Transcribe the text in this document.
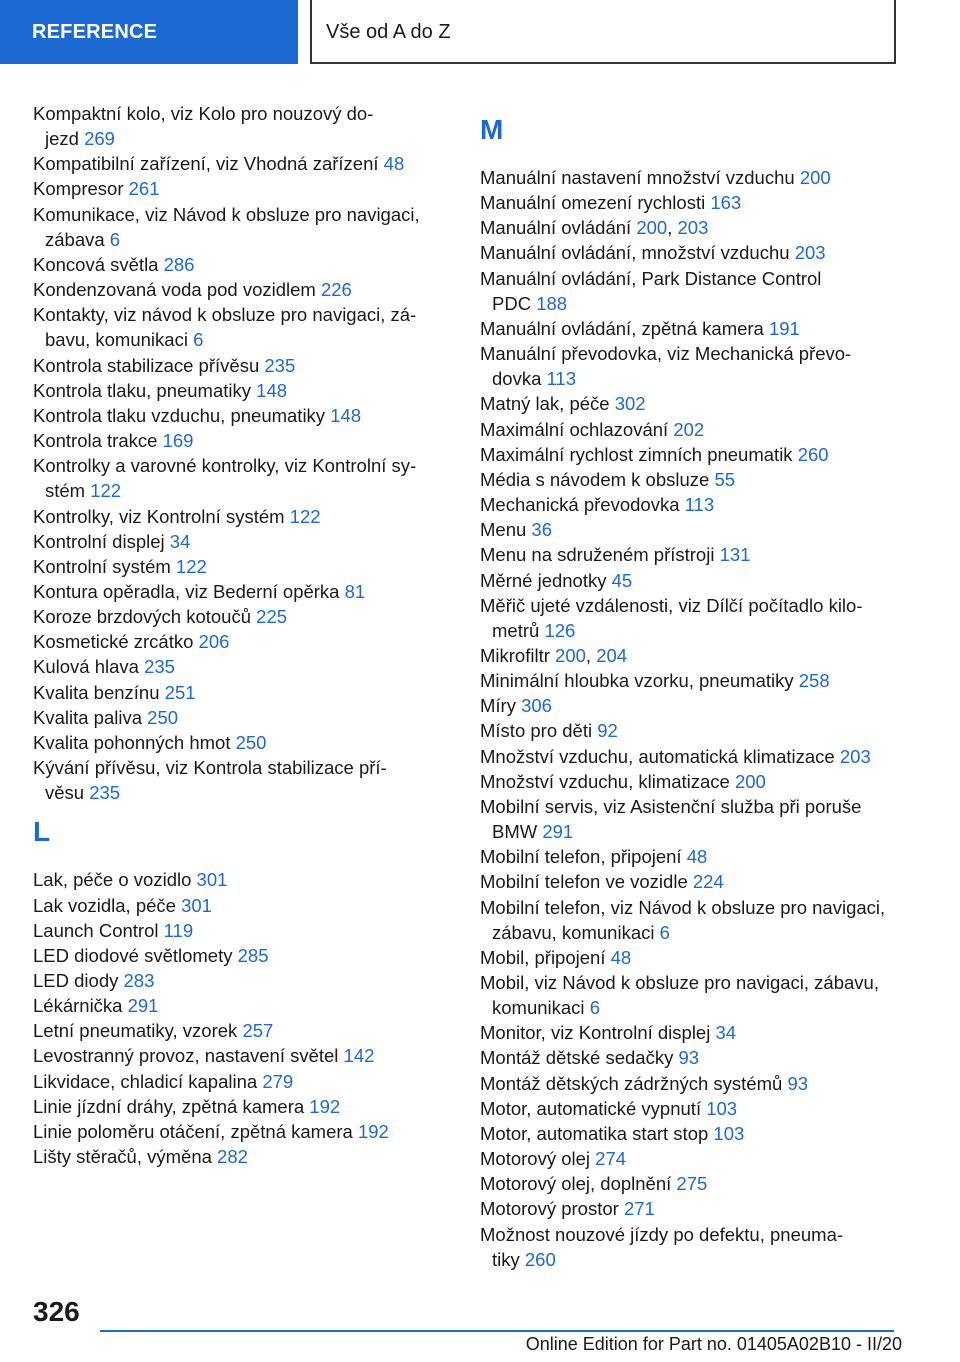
REFERENCE	Vše od A do Z
Kompaktní kolo, viz Kolo pro nouzový do-
jezd 269
Kompatibilní zařízení, viz Vhodná zařízení 48
Kompresor 261
Komunikace, viz Návod k obsluze pro navigaci,
zábava 6
Koncová světla 286
Kondenzovaná voda pod vozidlem 226
Kontakty, viz návod k obsluze pro navigaci, zá-
bavu, komunikaci 6
Kontrola stabilizace přívěsu 235
Kontrola tlaku, pneumatiky 148
Kontrola tlaku vzduchu, pneumatiky 148
Kontrola trakce 169
Kontrolky a varovné kontrolky, viz Kontrolní sy-
stém 122
Kontrolky, viz Kontrolní systém 122
Kontrolní displej 34
Kontrolní systém 122
Kontura opěradla, viz Bederní opěrka 81
Koroze brzdových kotoučů 225
Kosmetické zrcátko 206
Kulová hlava 235
Kvalita benzínu 251
Kvalita paliva 250
Kvalita pohonných hmot 250
Kývání přívěsu, viz Kontrola stabilizace pří-
věsu 235
L
Lak, péče o vozidlo 301
Lak vozidla, péče 301
Launch Control 119
LED diodové světlomety 285
LED diody 283
Lékárnička 291
Letní pneumatiky, vzorek 257
Levostranný provoz, nastavení světel 142
Likvidace, chladicí kapalina 279
Linie jízdní dráhy, zpětná kamera 192
Linie poloměru otáčení, zpětná kamera 192
Lišty stěračů, výměna 282
M
Manuální nastavení množství vzduchu 200
Manuální omezení rychlosti 163
Manuální ovládání 200, 203
Manuální ovládání, množství vzduchu 203
Manuální ovládání, Park Distance Control
PDC 188
Manuální ovládání, zpětná kamera 191
Manuální převodovka, viz Mechanická převo-
dovka 113
Matný lak, péče 302
Maximální ochlazování 202
Maximální rychlost zimních pneumatik 260
Média s návodem k obsluze 55
Mechanická převodovka 113
Menu 36
Menu na sdruženém přístroji 131
Měrné jednotky 45
Měřič ujeté vzdálenosti, viz Dílčí počítadlo kilo-
metrů 126
Mikrofiltr 200, 204
Minimální hloubka vzorku, pneumatiky 258
Míry 306
Místo pro děti 92
Množství vzduchu, automatická klimatizace 203
Množství vzduchu, klimatizace 200
Mobilní servis, viz Asistenční služba při poruše
BMW 291
Mobilní telefon, připojení 48
Mobilní telefon ve vozidle 224
Mobilní telefon, viz Návod k obsluze pro navigaci,
zábavu, komunikaci 6
Mobil, připojení 48
Mobil, viz Návod k obsluze pro navigaci, zábavu,
komunikaci 6
Monitor, viz Kontrolní displej 34
Montáž dětské sedačky 93
Montáž dětských zádržných systémů 93
Motor, automatické vypnutí 103
Motor, automatika start stop 103
Motorový olej 274
Motorový olej, doplnění 275
Motorový prostor 271
Možnost nouzové jízdy po defektu, pneuma-
tiky 260
326
Online Edition for Part no. 01405A02B10 - II/20
